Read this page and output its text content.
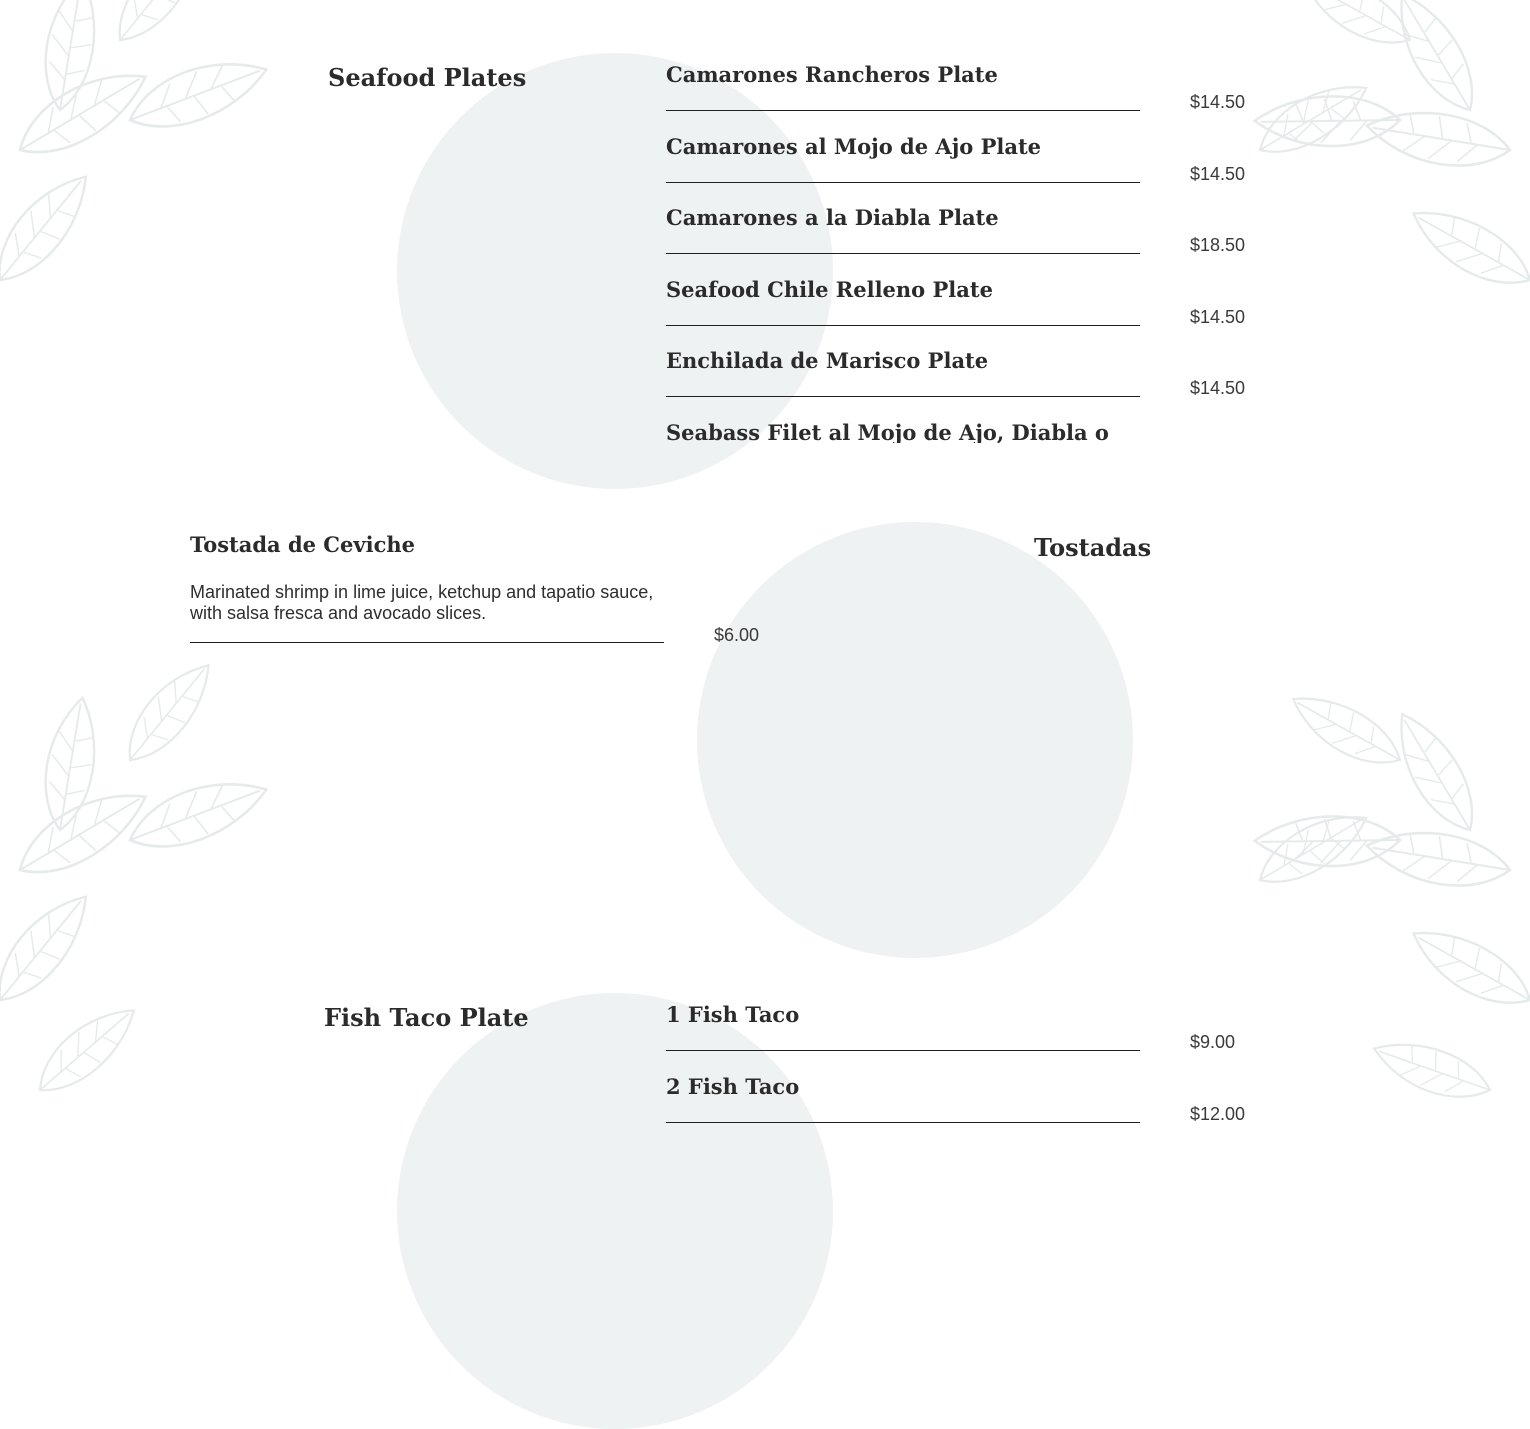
Seafood Plates	Camarones Rancheros Plate
$14.50
Camarones al Mojo de Ajo Plate
$14.50
Camarones a la Diabla Plate
$18.50
Seafood Chile Relleno Plate
$14.50
Enchilada de Marisco Plate
$14.50
Seabass Filet al Mojo de Ajo, Diabla o
Tostadas
Tostada de Ceviche

Marinated shrimp in lime juice, ketchup and tapatio sauce, with salsa fresca and avocado slices.

$6.00
Fish Taco Plate	1 Fish Taco
$9.00
2 Fish Taco
$12.00
